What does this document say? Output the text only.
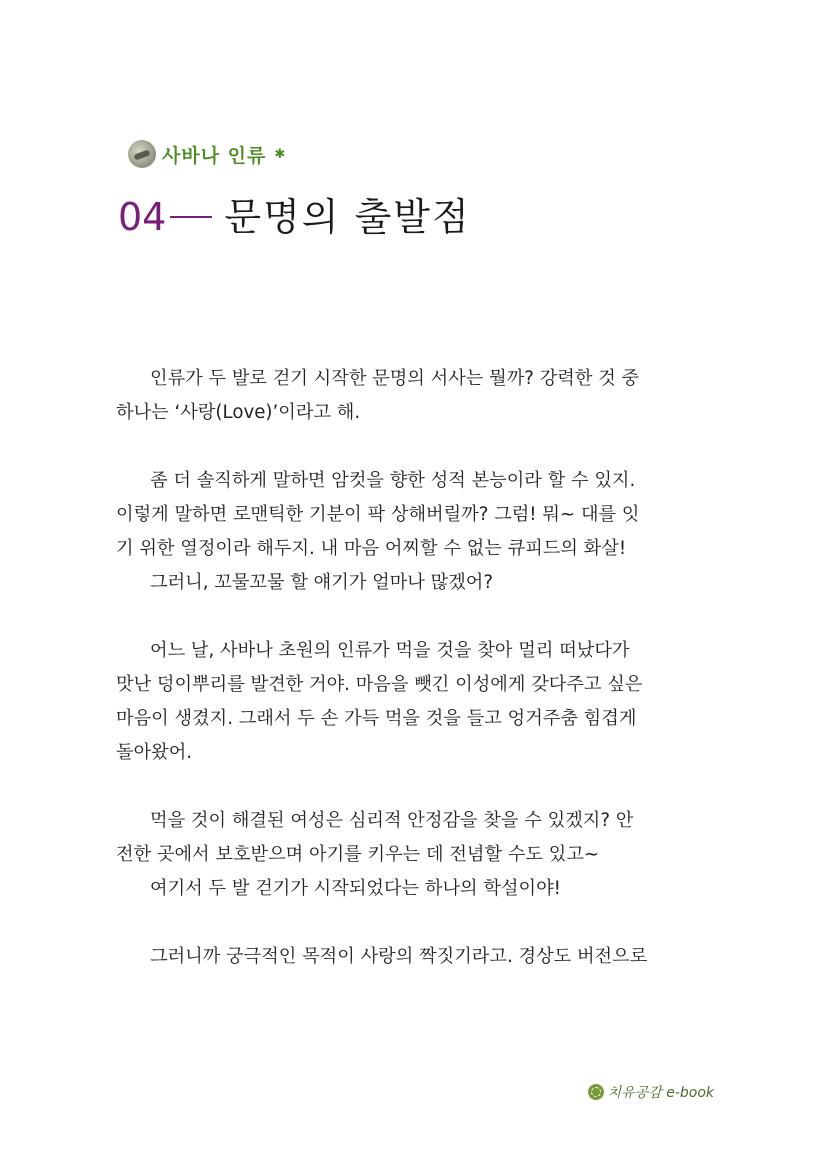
사바나 인류 ✱
04 문명의 출발점

인류가 두 발로 걷기 시작한 문명의 서사는 뭘까? 강력한 것 중

하나는 ‘사랑(Love)’이라고 해.

좀 더 솔직하게 말하면 암컷을 향한 성적 본능이라 할 수 있지.

이렇게 말하면 로맨틱한 기분이 팍 상해버릴까? 그럼! 뭐~ 대를 잇

기 위한 열정이라 해두지. 내 마음 어찌할 수 없는 큐피드의 화살!

그러니, 꼬물꼬물 할 얘기가 얼마나 많겠어?

어느 날, 사바나 초원의 인류가 먹을 것을 찾아 멀리 떠났다가

맛난 덩이뿌리를 발견한 거야. 마음을 뺏긴 이성에게 갖다주고 싶은

마음이 생겼지. 그래서 두 손 가득 먹을 것을 들고 엉거주춤 힘겹게

돌아왔어.

먹을 것이 해결된 여성은 심리적 안정감을 찾을 수 있겠지? 안

전한 곳에서 보호받으며 아기를 키우는 데 전념할 수도 있고~

여기서 두 발 걷기가 시작되었다는 하나의 학설이야!

그러니까 궁극적인 목적이 사랑의 짝짓기라고. 경상도 버전으로

치유공감 e-book
